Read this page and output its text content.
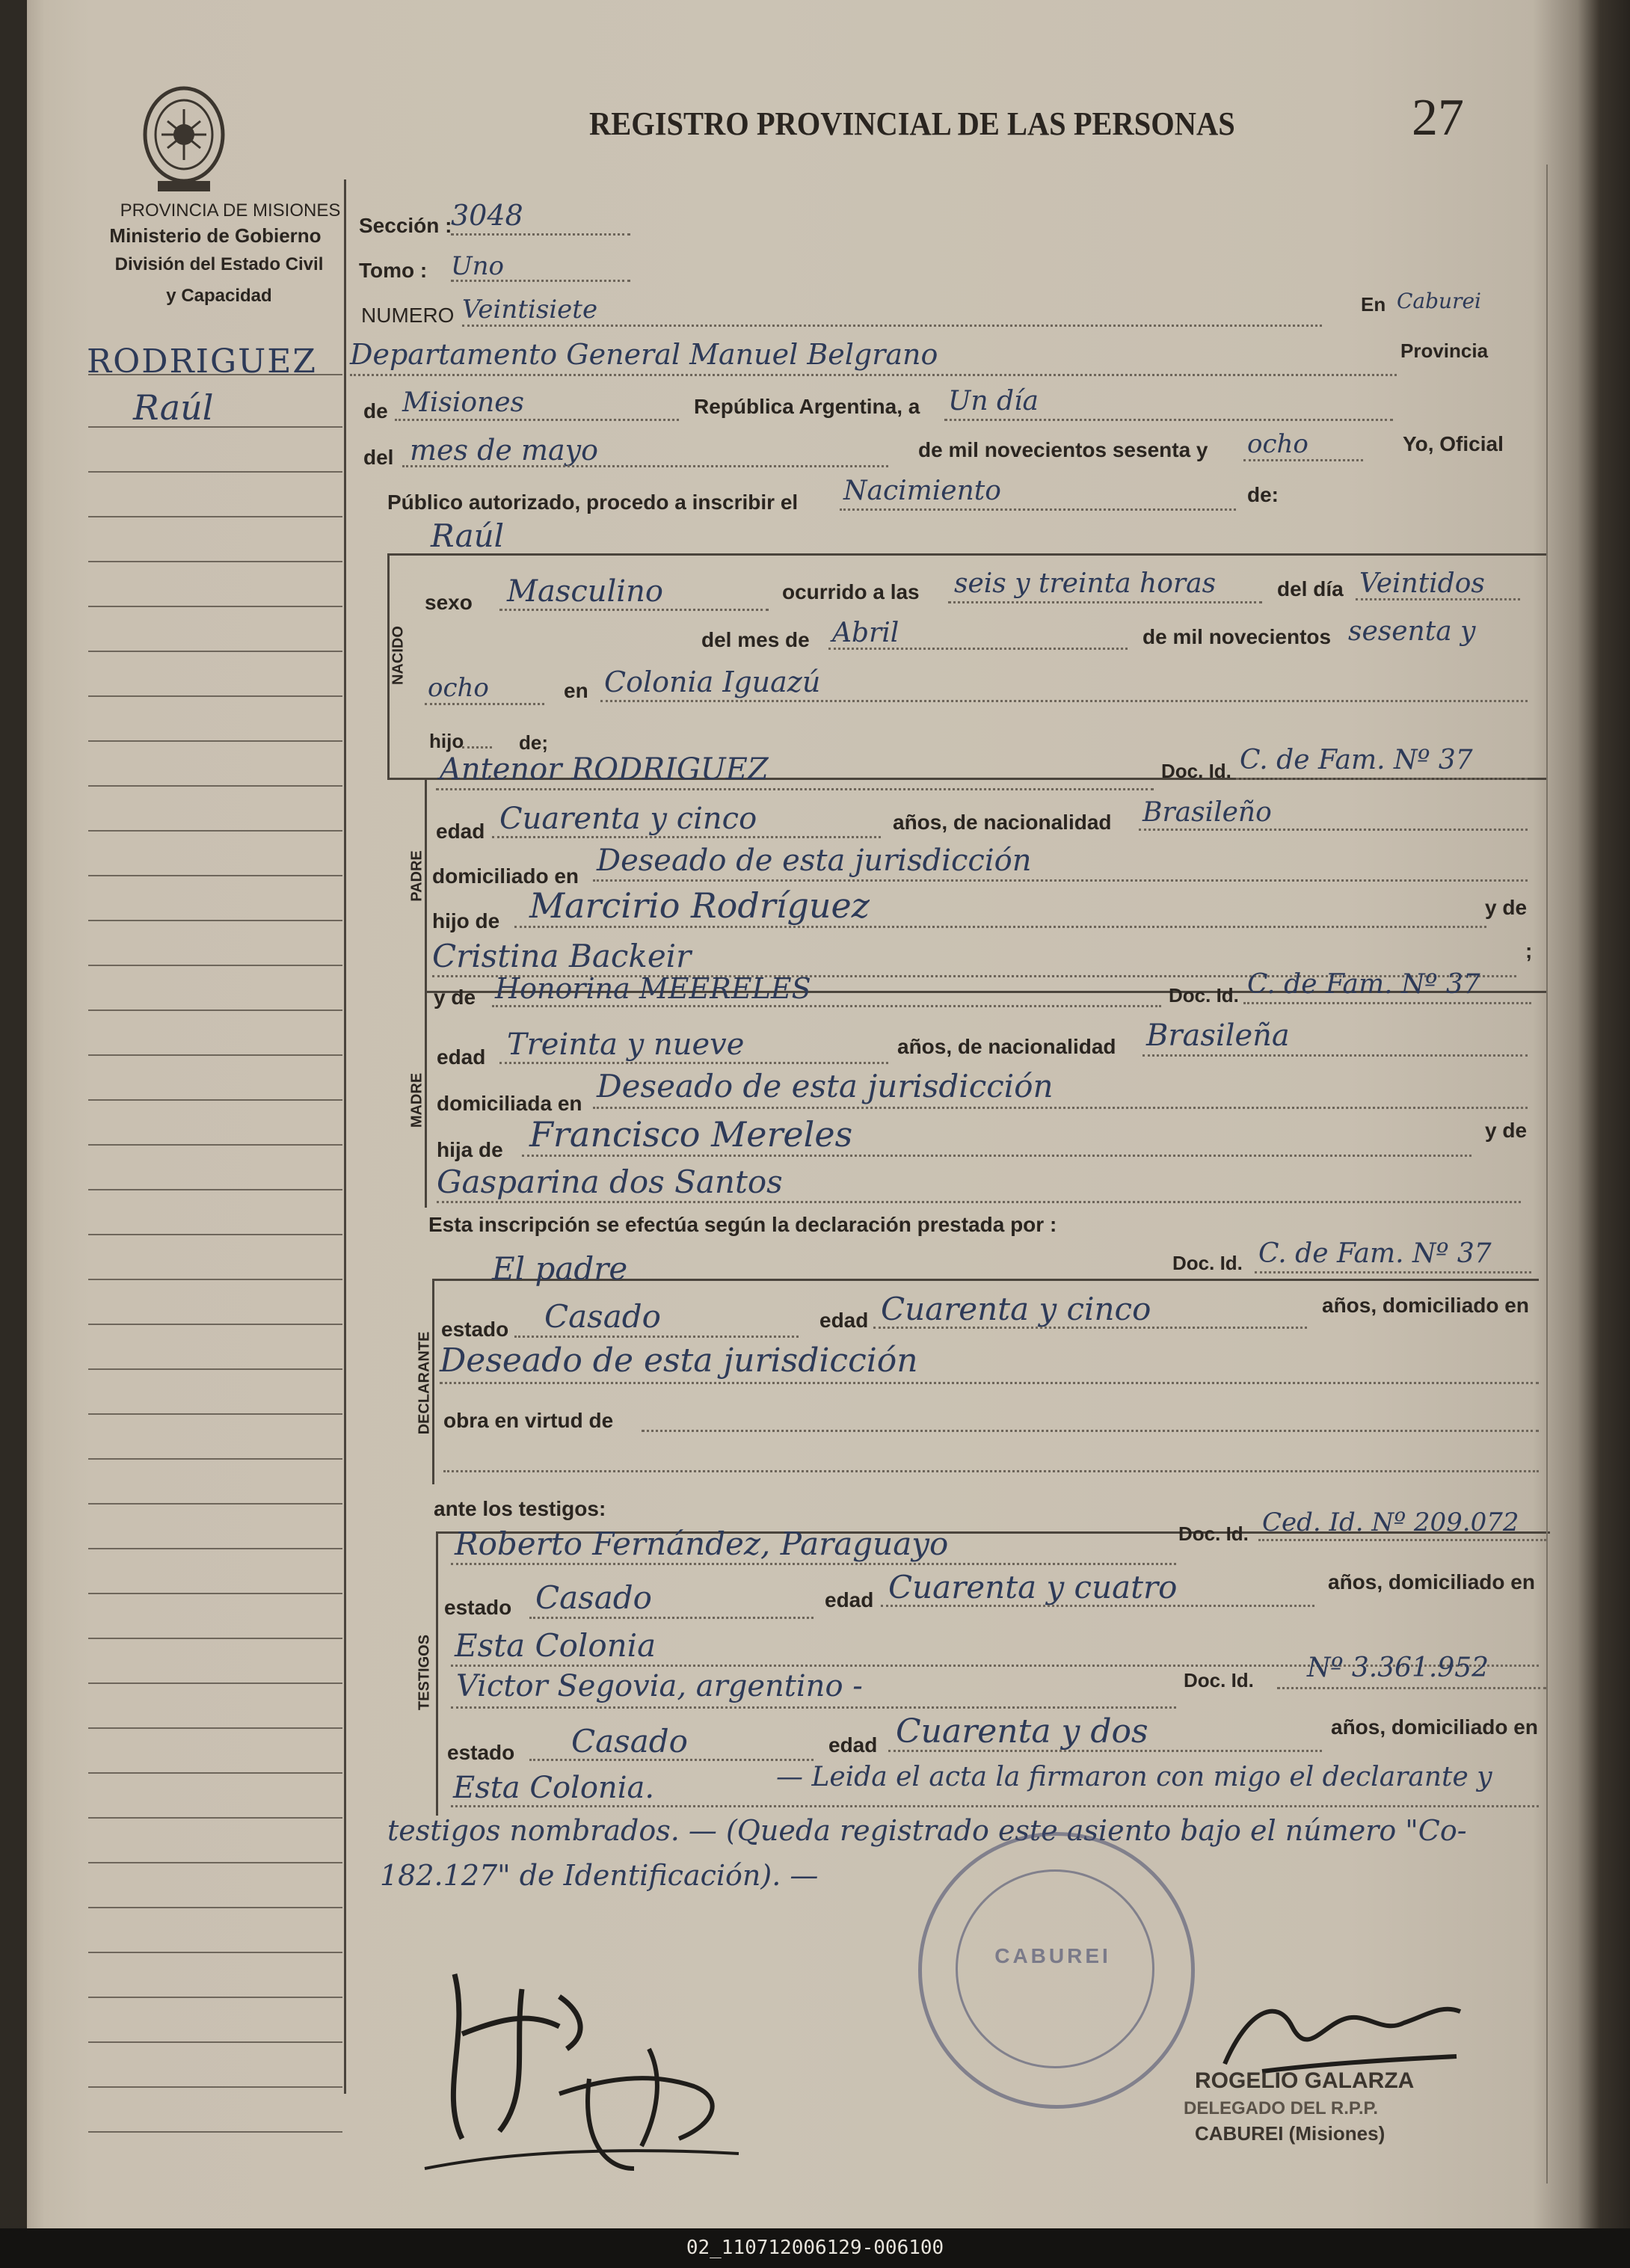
PROVINCIA DE MISIONES
Ministerio de Gobierno
División del Estado Civil
y Capacidad
REGISTRO PROVINCIAL DE LAS PERSONAS	27
RODRIGUEZ
Raúl
Sección :
3048
Tomo : Uno
NUMERO Veintisiete	En Caburei
Departamento General Manuel Belgrano	Provincia
de Misiones	República Argentina, a Un día
del mes de mayo	de mil novecientos sesenta y ocho	Yo, Oficial
Público autorizado, procedo a inscribir el Nacimiento	de:
NACIDO
Raúl
sexo Masculino	ocurrido a las seis y treinta horas	del día Veintidos
del mes de Abril	de mil novecientos sesenta y
ocho	en Colonia Iguazú
hijo	de;
PADRE
Antenor RODRIGUEZ	Doc. Id. C. de Fam. Nº 37
edad Cuarenta y cinco	años, de nacionalidad Brasileño
domiciliado en Deseado de esta jurisdicción
hijo de Marcirio Rodríguez	y de
Cristina Backeir	;
MADRE
y de Honorina MEERELES	Doc. Id. C. de Fam. Nº 37
edad Treinta y nueve	años, de nacionalidad Brasileña
domiciliada en Deseado de esta jurisdicción
hija de Francisco Mereles	y de
Gasparina dos Santos
Esta inscripción se efectúa según la declaración prestada por :
DECLARANTE
El padre	Doc. Id. C. de Fam. Nº 37
estado Casado	edad Cuarenta y cinco	años, domiciliado en
Deseado de esta jurisdicción
obra en virtud de
ante los testigos:
TESTIGOS
Roberto Fernández, Paraguayo	Doc. Id. Ced. Id. Nº 209.072
estado Casado	edad Cuarenta y cuatro	años, domiciliado en
Esta Colonia
Victor Segovia, argentino -	Doc. Id. Nº 3.361.952
estado Casado	edad Cuarenta y dos	años, domiciliado en
Esta Colonia.	— Leida el acta la firmaron con migo el declarante y
testigos nombrados. — (Queda registrado este asiento bajo el número "Co-
182.127" de Identificación). —
CABUREI
ROGELIO GALARZA
DELEGADO DEL R.P.P.
CABUREI (Misiones)
02_110712006129-006100
